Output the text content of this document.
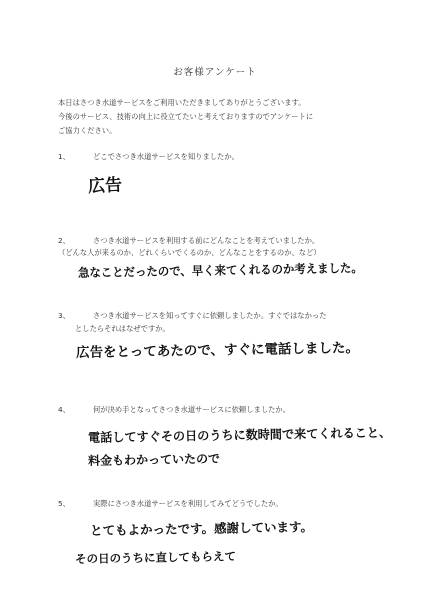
お客様アンケート
本日はさつき水道サービスをご利用いただきましてありがとうございます。
今後のサービス、技術の向上に役立てたいと考えておりますのでアンケートに
ご協力ください。
1、	どこでさつき水道サービスを知りましたか。
広告
2、	さつき水道サービスを利用する前にどんなことを考えていましたか。
（どんな人が来るのか、どれくらいでくるのか、どんなことをするのか、など）
急なことだったので、早く来てくれるのか考えました。
3、	さつき水道サービスを知ってすぐに依頼しましたか。すぐではなかった
としたらそれはなぜですか。
広告をとってあたので、すぐに電話しました。
4、	何が決め手となってさつき水道サービスに依頼しましたか。
電話してすぐその日のうちに数時間で来てくれること、
料金もわかっていたので
5、	実際にさつき水道サービスを利用してみてどうでしたか。
とてもよかったです。感謝しています。
その日のうちに直してもらえて
